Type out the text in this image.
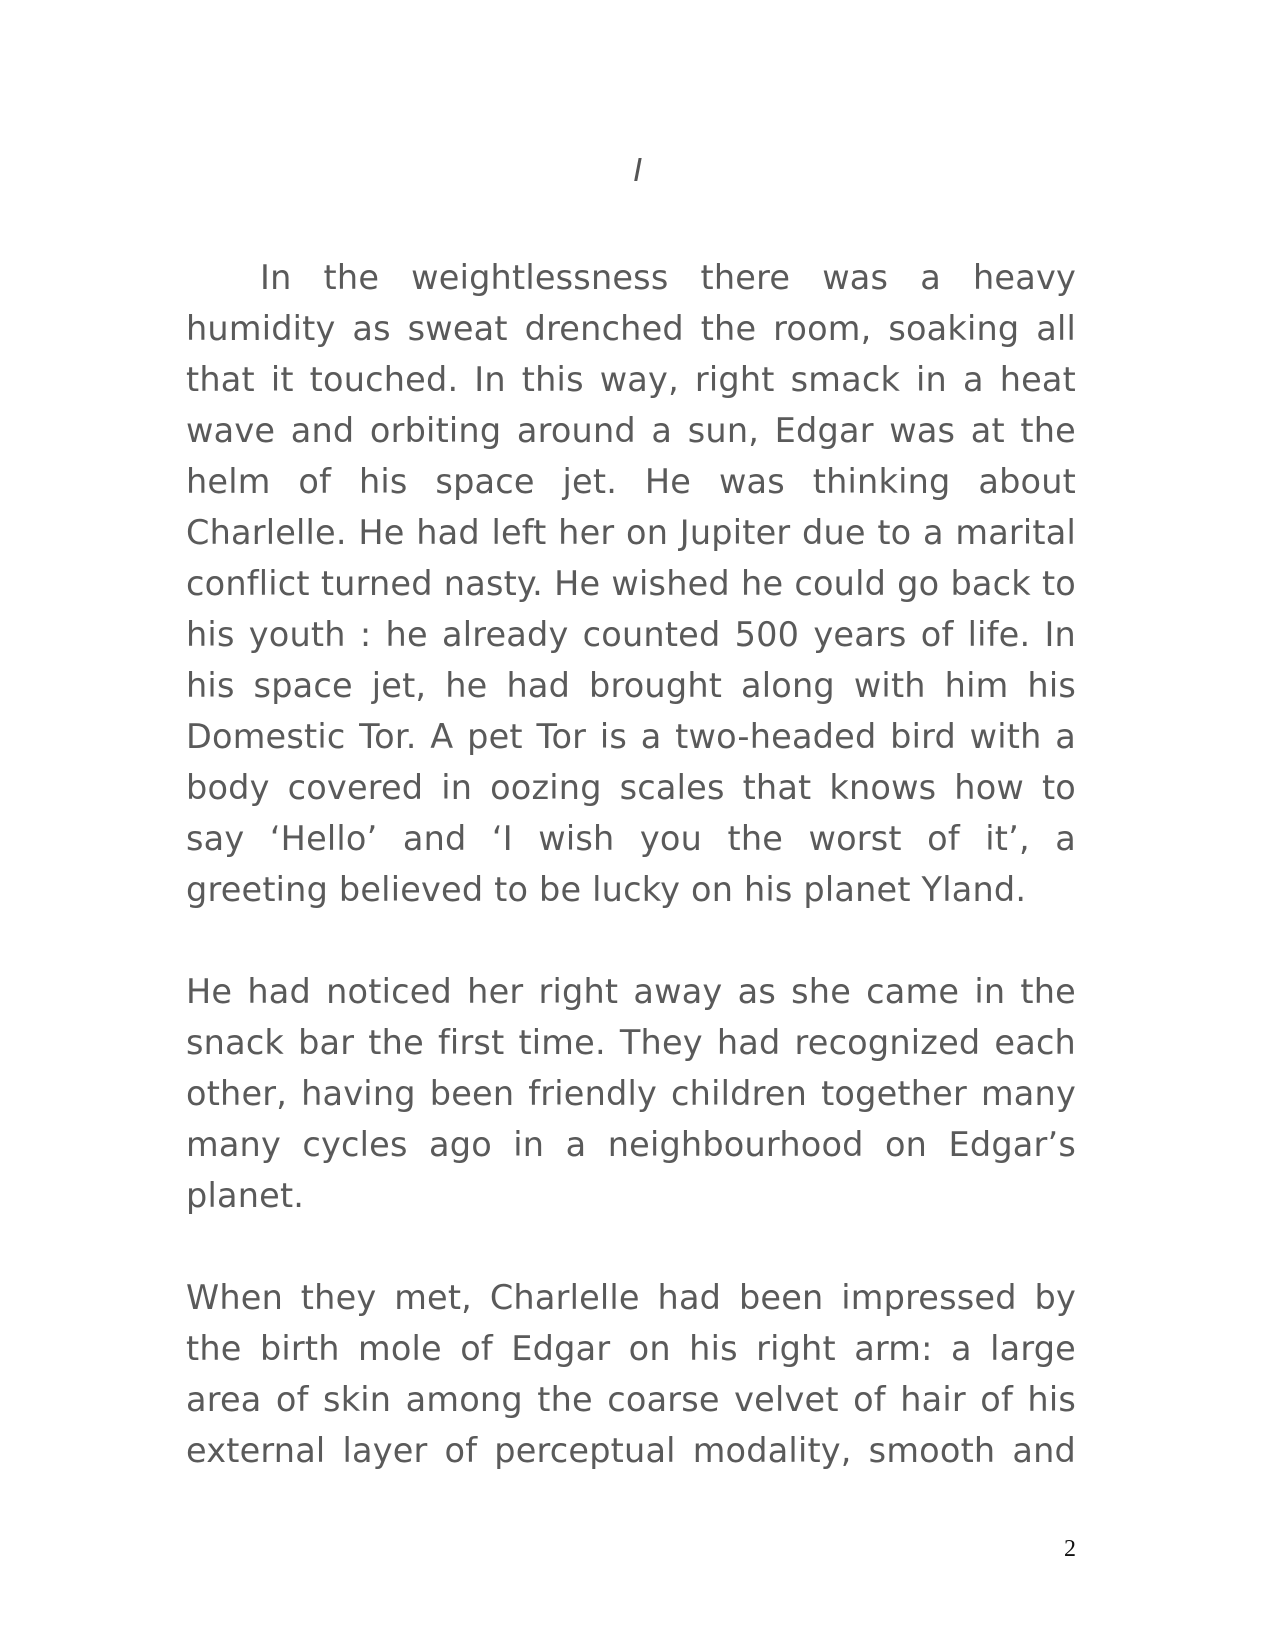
I

In the weightlessness there was a heavy humidity as sweat drenched the room, soaking all that it touched. In this way, right smack in a heat wave and orbiting around a sun, Edgar was at the helm of his space jet. He was thinking about Charlelle. He had left her on Jupiter due to a marital conflict turned nasty. He wished he could go back to his youth : he already counted 500 years of life. In his space jet, he had brought along with him his Domestic Tor. A pet Tor is a two-headed bird with a body covered in oozing scales that knows how to say ‘Hello’ and ‘I wish you the worst of it’, a greeting believed to be lucky on his planet Yland.

He had noticed her right away as she came in the snack bar the first time. They had recognized each other, having been friendly children together many many cycles ago in a neighbourhood on Edgar’s planet.

When they met, Charlelle had been impressed by the birth mole of Edgar on his right arm: a large area of skin among the coarse velvet of hair of his external layer of perceptual modality, smooth and

2
